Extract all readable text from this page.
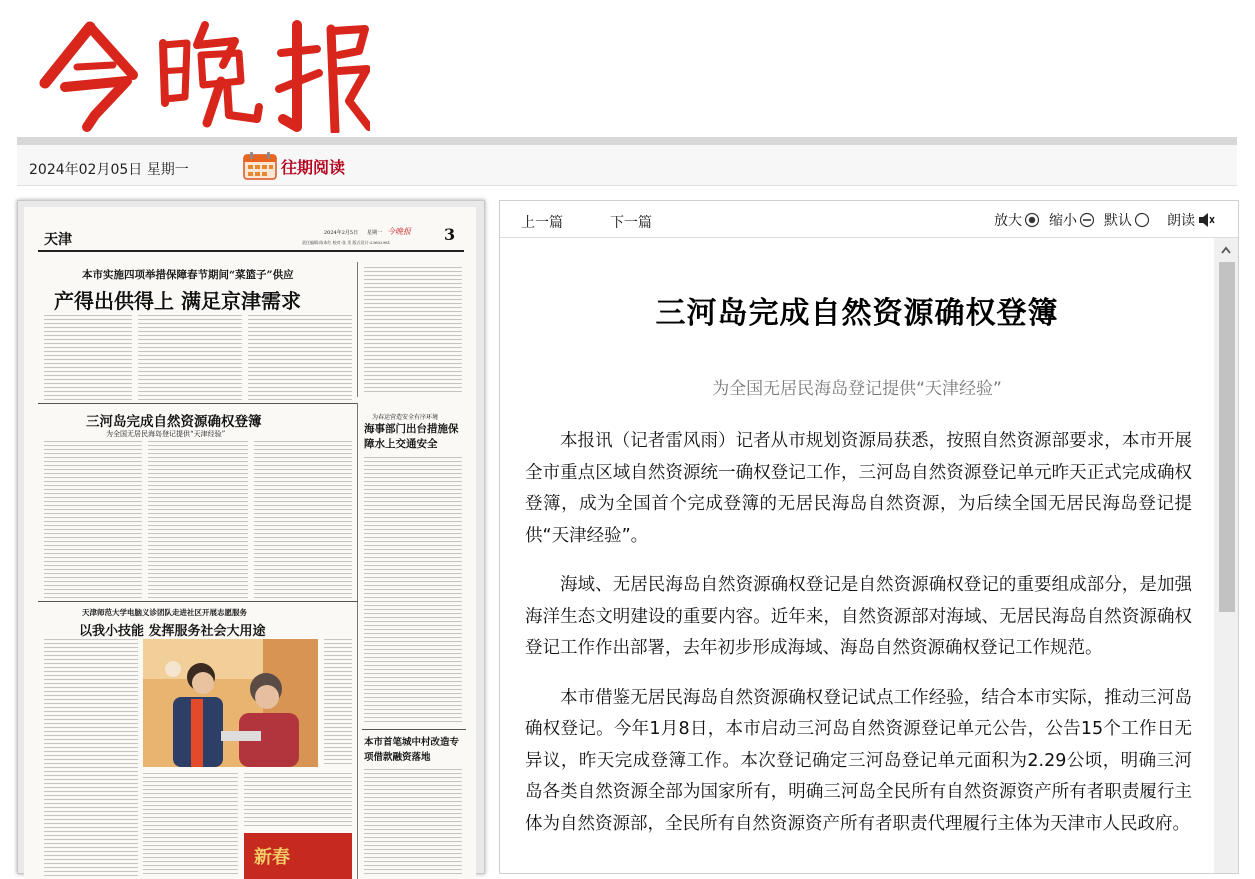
2024年02月05日 星期一	往期阅读
天津	2024年2月5日 星期一 今晚报 3
责任编辑:陈本红 校对:张 美 版式设计:23602981
本市实施四项举措保障春节期间“菜篮子”供应
产得出供得上 满足京津需求
三河岛完成自然资源确权登簿
为全国无居民海岛登记提供“天津经验”
为春运营造安全有序环境
海事部门出台措施保障水上交通安全
本市首笔城中村改造专项借款融资落地
天津师范大学电脑义诊团队走进社区开展志愿服务
以我小技能 发挥服务社会大用途
新春
上一篇	下一篇	放大 缩小 默认	朗读
三河岛完成自然资源确权登簿
为全国无居民海岛登记提供“天津经验”

本报讯（记者雷风雨）记者从市规划资源局获悉，按照自然资源部要求，本市开展全市重点区域自然资源统一确权登记工作，三河岛自然资源登记单元昨天正式完成确权登簿，成为全国首个完成登簿的无居民海岛自然资源，为后续全国无居民海岛登记提供“天津经验”。

海域、无居民海岛自然资源确权登记是自然资源确权登记的重要组成部分，是加强海洋生态文明建设的重要内容。近年来，自然资源部对海域、无居民海岛自然资源确权登记工作作出部署，去年初步形成海域、海岛自然资源确权登记工作规范。

本市借鉴无居民海岛自然资源确权登记试点工作经验，结合本市实际，推动三河岛确权登记。今年1月8日，本市启动三河岛自然资源登记单元公告，公告15个工作日无异议，昨天完成登簿工作。本次登记确定三河岛登记单元面积为2.29公顷，明确三河岛各类自然资源全部为国家所有，明确三河岛全民所有自然资源资产所有者职责履行主体为自然资源部，全民所有自然资源资产所有者职责代理履行主体为天津市人民政府。
